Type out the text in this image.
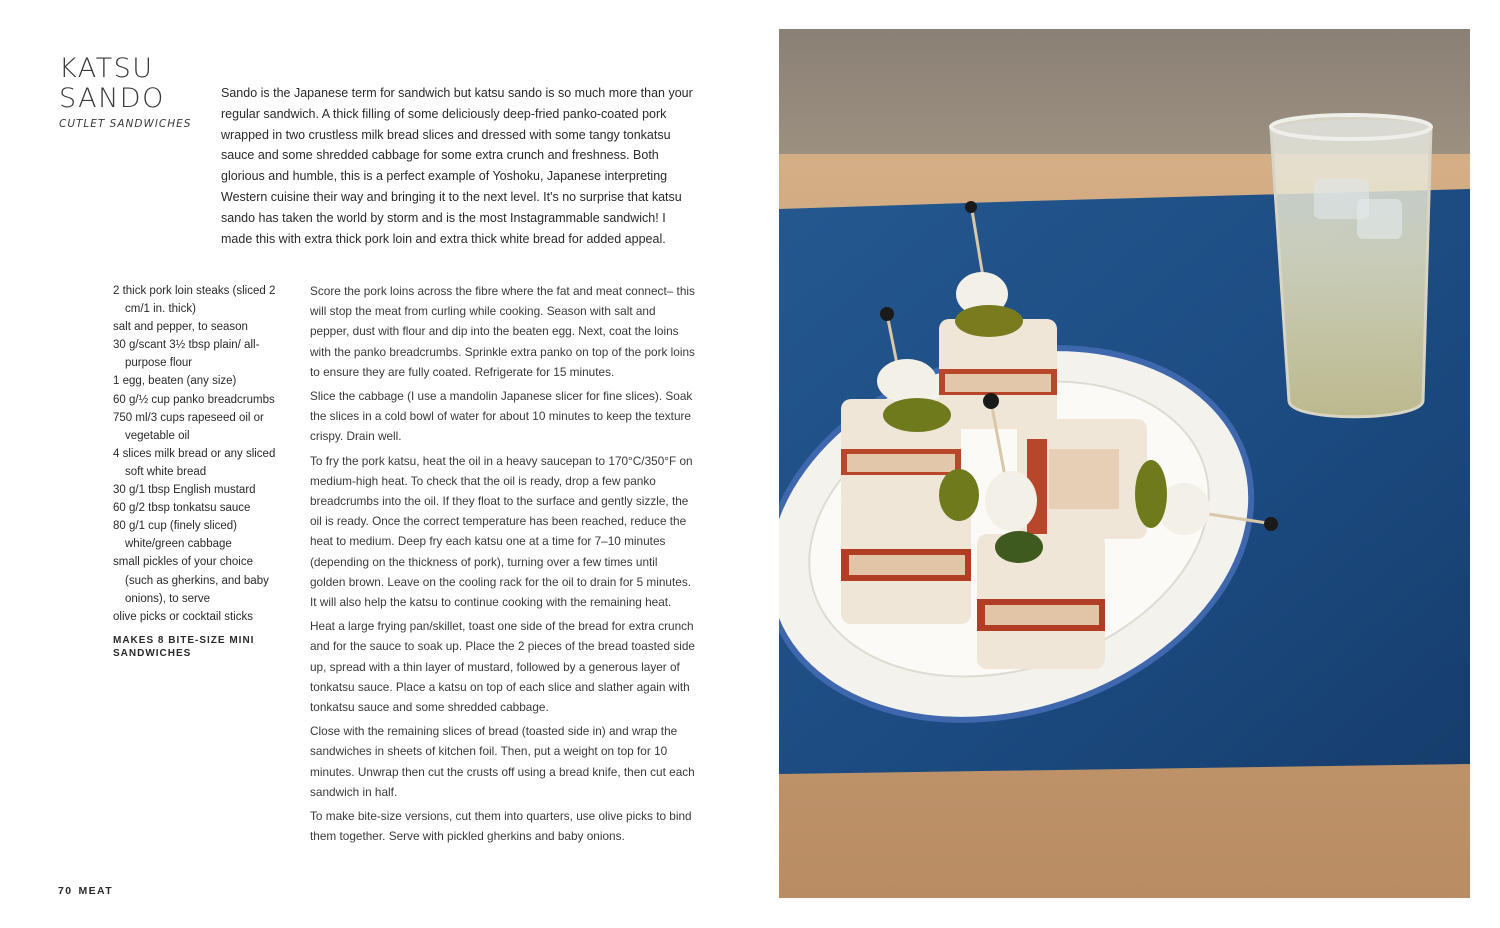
KATSU
SANDO
CUTLET SANDWICHES

Sando is the Japanese term for sandwich but katsu sando is so much more than your regular sandwich. A thick filling of some deliciously deep-fried panko-coated pork wrapped in two crustless milk bread slices and dressed with some tangy tonkatsu sauce and some shredded cabbage for some extra crunch and freshness. Both glorious and humble, this is a perfect example of Yoshoku, Japanese interpreting Western cuisine their way and bringing it to the next level. It's no surprise that katsu sando has taken the world by storm and is the most Instagrammable sandwich! I made this with extra thick pork loin and extra thick white bread for added appeal.

2 thick pork loin steaks (sliced 2 cm/1 in. thick)
salt and pepper, to season
30 g/scant 3½ tbsp plain/ all-purpose flour
1 egg, beaten (any size)
60 g/½ cup panko breadcrumbs
750 ml/3 cups rapeseed oil or vegetable oil
4 slices milk bread or any sliced soft white bread
30 g/1 tbsp English mustard
60 g/2 tbsp tonkatsu sauce
80 g/1 cup (finely sliced) white/green cabbage
small pickles of your choice (such as gherkins, and baby onions), to serve
olive picks or cocktail sticks
MAKES 8 BITE-SIZE MINI SANDWICHES

Score the pork loins across the fibre where the fat and meat connect– this will stop the meat from curling while cooking. Season with salt and pepper, dust with flour and dip into the beaten egg. Next, coat the loins with the panko breadcrumbs. Sprinkle extra panko on top of the pork loins to ensure they are fully coated. Refrigerate for 15 minutes.

Slice the cabbage (I use a mandolin Japanese slicer for fine slices). Soak the slices in a cold bowl of water for about 10 minutes to keep the texture crispy. Drain well.

To fry the pork katsu, heat the oil in a heavy saucepan to 170°C/350°F on medium-high heat. To check that the oil is ready, drop a few panko breadcrumbs into the oil. If they float to the surface and gently sizzle, the oil is ready. Once the correct temperature has been reached, reduce the heat to medium. Deep fry each katsu one at a time for 7–10 minutes (depending on the thickness of pork), turning over a few times until golden brown. Leave on the cooling rack for the oil to drain for 5 minutes. It will also help the katsu to continue cooking with the remaining heat.

Heat a large frying pan/skillet, toast one side of the bread for extra crunch and for the sauce to soak up. Place the 2 pieces of the bread toasted side up, spread with a thin layer of mustard, followed by a generous layer of tonkatsu sauce. Place a katsu on top of each slice and slather again with tonkatsu sauce and some shredded cabbage.

Close with the remaining slices of bread (toasted side in) and wrap the sandwiches in sheets of kitchen foil. Then, put a weight on top for 10 minutes. Unwrap then cut the crusts off using a bread knife, then cut each sandwich in half.

To make bite-size versions, cut them into quarters, use olive picks to bind them together. Serve with pickled gherkins and baby onions.

70 MEAT
